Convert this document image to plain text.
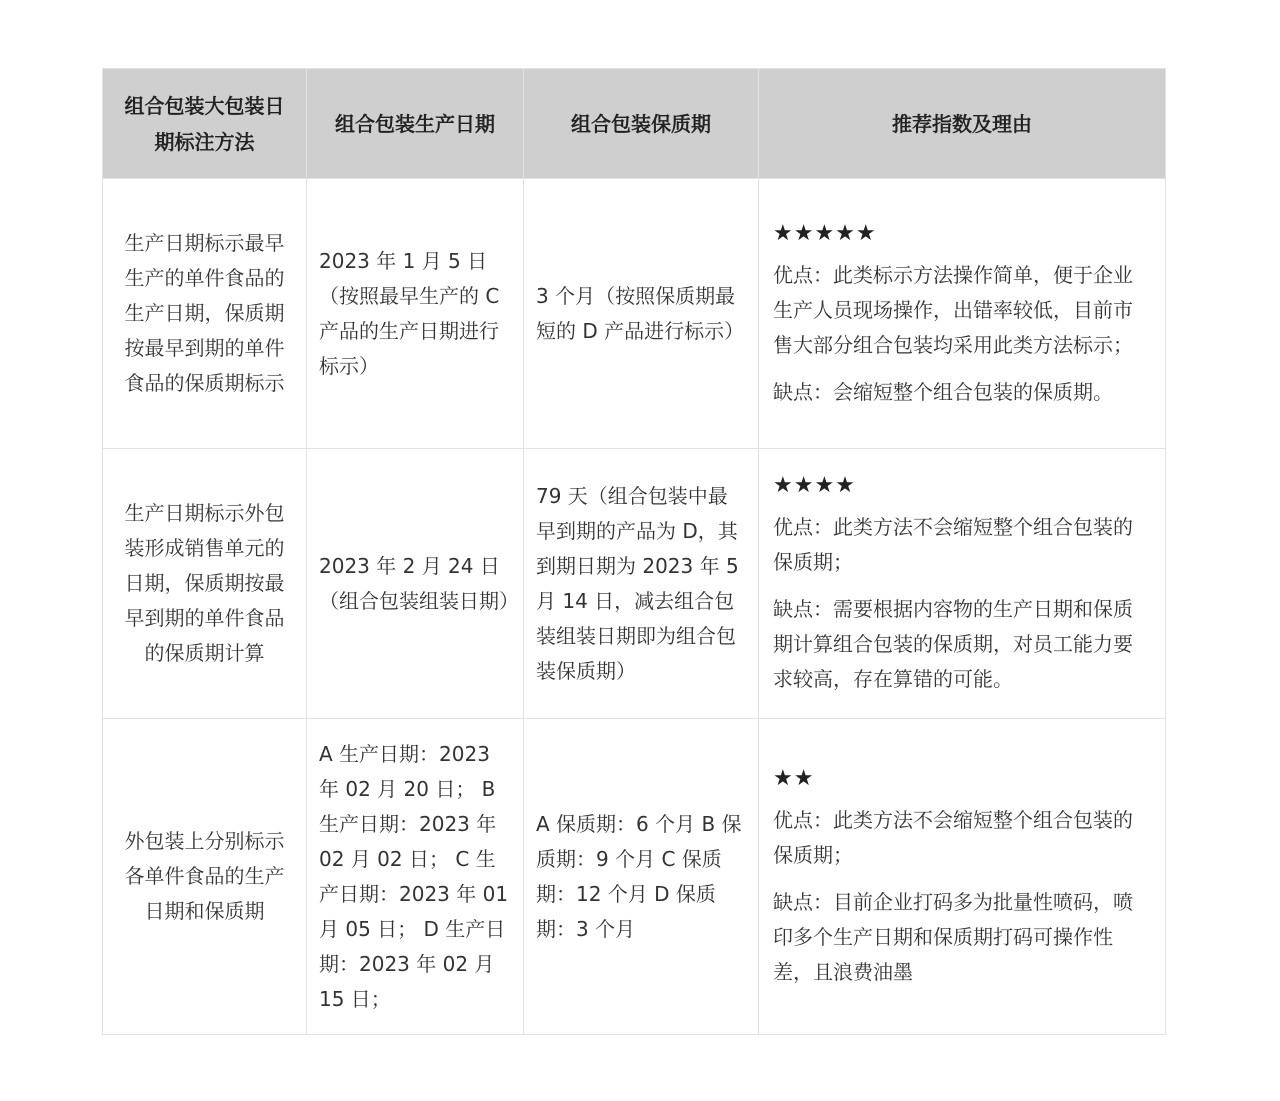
组合包装大包装日期标注方法	组合包装生产日期	组合包装保质期	推荐指数及理由

生产日期标示最早生产的单件食品的生产日期，保质期按最早到期的单件食品的保质期标示	2023 年 1 月 5 日 （按照最早生产的 C 产品的生产日期进行标示）	3 个月（按照保质期最短的 D 产品进行标示）	★★★★★
优点：此类标示方法操作简单，便于企业生产人员现场操作，出错率较低，目前市售大部分组合包装均采用此类方法标示；
缺点：会缩短整个组合包装的保质期。

生产日期标示外包装形成销售单元的日期，保质期按最早到期的单件食品的保质期计算	2023 年 2 月 24 日 （组合包装组装日期）	79 天（组合包装中最早到期的产品为 D，其到期日期为 2023 年 5 月 14 日，减去组合包装组装日期即为组合包装保质期）	★★★★
优点：此类方法不会缩短整个组合包装的保质期；
缺点：需要根据内容物的生产日期和保质期计算组合包装的保质期，对员工能力要求较高，存在算错的可能。

外包装上分别标示各单件食品的生产日期和保质期	A 生产日期：2023 年 02 月 20 日； B 生产日期：2023 年 02 月 02 日； C 生产日期：2023 年 01 月 05 日； D 生产日期：2023 年 02 月 15 日；	A 保质期：6 个月 B 保质期：9 个月 C 保质期：12 个月 D 保质期：3 个月	★★
优点：此类方法不会缩短整个组合包装的保质期；
缺点：目前企业打码多为批量性喷码，喷印多个生产日期和保质期打码可操作性差，且浪费油墨
